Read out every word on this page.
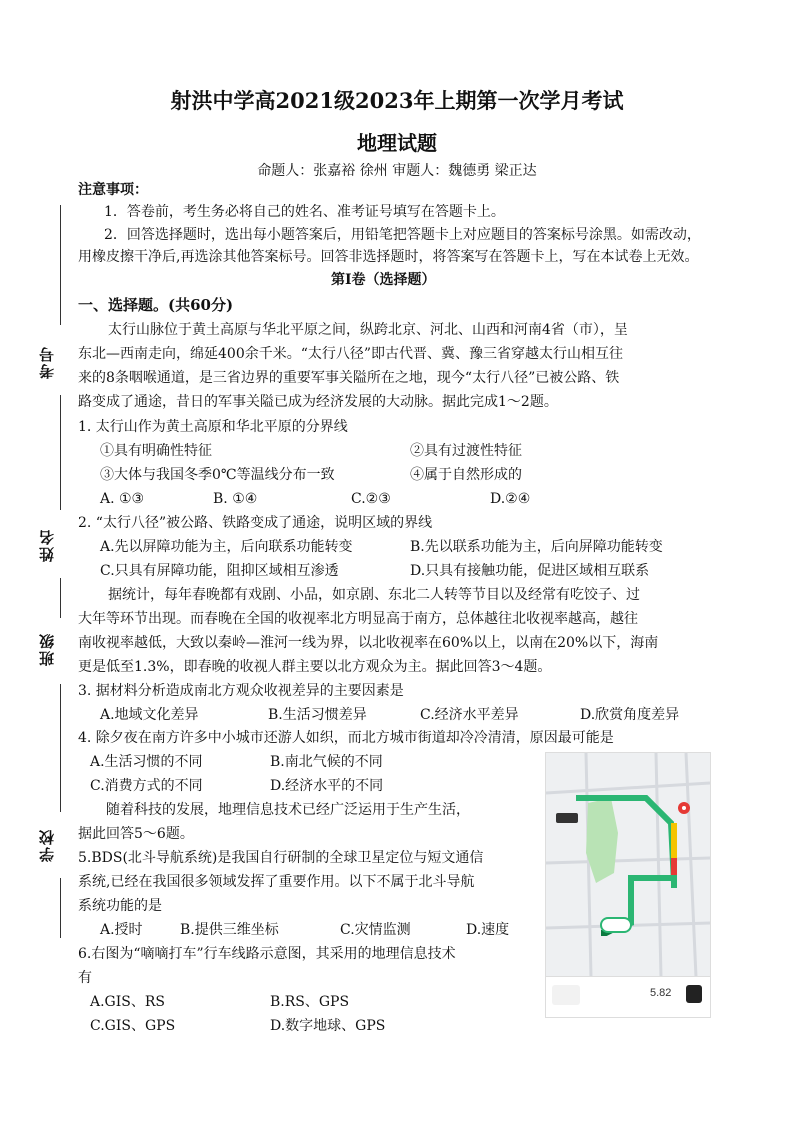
射洪中学高2021级2023年上期第一次学月考试
地理试题
命题人：张嘉裕 徐州 审题人：魏德勇 梁正达
注意事项：
1．答卷前，考生务必将自己的姓名、准考证号填写在答题卡上。
2．回答选择题时，选出每小题答案后，用铅笔把答题卡上对应题目的答案标号涂黑。如需改动，
用橡皮擦干净后,再选涂其他答案标号。回答非选择题时，将答案写在答题卡上，写在本试卷上无效。
第Ⅰ卷（选择题）
一、选择题。(共60分)
考号
姓名
班级
学校
太行山脉位于黄土高原与华北平原之间，纵跨北京、河北、山西和河南4省（市），呈
东北—西南走向，绵延400余千米。“太行八径”即古代晋、冀、豫三省穿越太行山相互往
来的8条咽喉通道，是三省边界的重要军事关隘所在之地，现今“太行八径”已被公路、铁
路变成了通途，昔日的军事关隘已成为经济发展的大动脉。据此完成1～2题。
1. 太行山作为黄土高原和华北平原的分界线
①具有明确性特征	②具有过渡性特征
③大体与我国冬季0℃等温线分布一致	④属于自然形成的
A. ①③	B. ①④	C.②③	D.②④
2. “太行八径”被公路、铁路变成了通途，说明区域的界线
A.先以屏障功能为主，后向联系功能转变	B.先以联系功能为主，后向屏障功能转变
C.只具有屏障功能，阻抑区域相互渗透	D.只具有接触功能，促进区域相互联系
据统计，每年春晚都有戏剧、小品，如京剧、东北二人转等节目以及经常有吃饺子、过
大年等环节出现。而春晚在全国的收视率北方明显高于南方，总体越往北收视率越高，越往
南收视率越低，大致以秦岭—淮河一线为界，以北收视率在60%以上，以南在20%以下，海南
更是低至1.3%，即春晚的收视人群主要以北方观众为主。据此回答3～4题。
3. 据材料分析造成南北方观众收视差异的主要因素是
A.地域文化差异	B.生活习惯差异	C.经济水平差异	D.欣赏角度差异
4. 除夕夜在南方许多中小城市还游人如织，而北方城市街道却冷冷清清，原因最可能是
A.生活习惯的不同	B.南北气候的不同
C.消费方式的不同	D.经济水平的不同
随着科技的发展，地理信息技术已经广泛运用于生产生活，
据此回答5～6题。
5.BDS(北斗导航系统)是我国自行研制的全球卫星定位与短文通信
系统,已经在我国很多领域发挥了重要作用。以下不属于北斗导航
系统功能的是
A.授时	B.提供三维坐标	C.灾情监测	D.速度
6.右图为“嘀嘀打车”行车线路示意图，其采用的地理信息技术
有
A.GIS、RS	B.RS、GPS
C.GIS、GPS	D.数字地球、GPS
5.82
